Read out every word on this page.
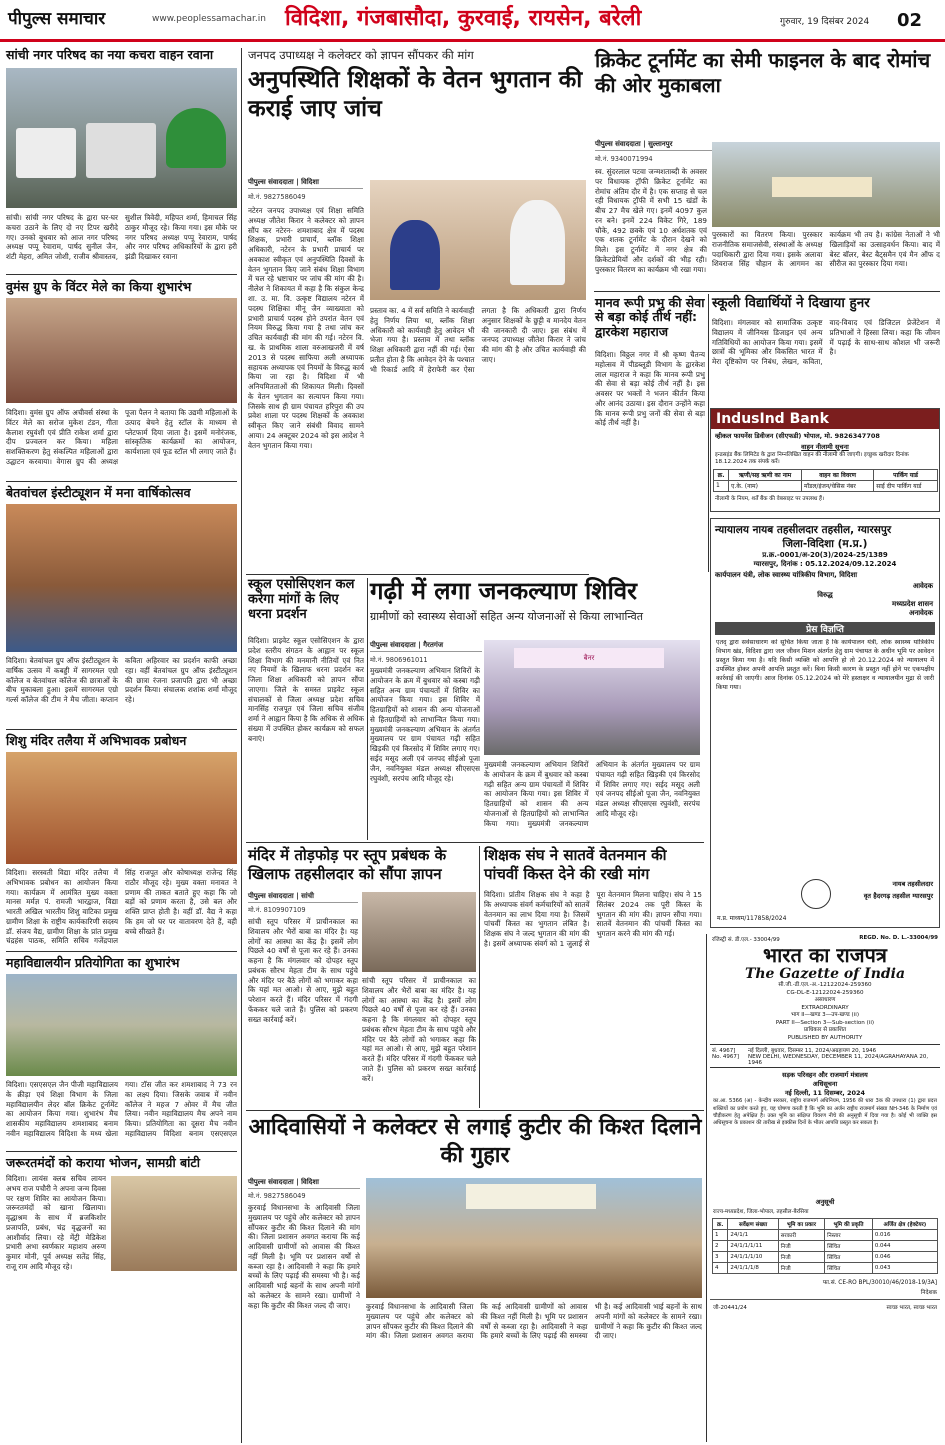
पीपुल्स समाचार	www.peoplessamachar.in विदिशा, गंजबासौदा, कुरवाई, रायसेन, बरेली	गुरुवार, 19 दिसंबर 2024 02
सांची नगर परिषद का नया कचरा वाहन रवाना
सांची। सांची नगर परिषद के द्वारा घर-घर कचरा उठाने के लिए दो नए टिपर खरीदे गए। उनको बुधवार को आज नगर परिषद अध्यक्ष पप्पू रेवाराम, पार्षद सुनील जैन, शंटी मेहरा, अमित जोशी, राजीव श्रीवास्तव, सुशील त्रिवेदी, महिपत शर्मा, हिमाचल सिंह ठाकुर मौजूद रहे। किया गया। इस मौके पर नगर परिषद अध्यक्ष पप्पू रेवाराम, पार्षद और नगर परिषद अधिकारियों के द्वारा हरी झंडी दिखाकर रवाना
वुमंस ग्रुप के विंटर मेले का किया शुभारंभ
विदिशा। वुमंस ग्रुप ऑफ अचीवर्स संस्था के विंटर मेले का सरोज मुकेश टंडन, गीता कैलाश रघुवंशी एवं प्रीति राकेश शर्मा द्वारा दीप प्रज्वलन कर किया। महिला सशक्तिकरण हेतु संकल्पित महिलाओं द्वारा उद्घाटन करवाया। वेगास ग्रुप की अध्यक्ष पूजा पैलन ने बताया कि उद्यमी महिलाओं के उत्पाद बेचने हेतु स्टॉल के माध्यम से प्लेटफार्म दिया जाता है। इसमें मनोरंजक, सांस्कृतिक कार्यक्रमों का आयोजन, कार्यशाला एवं फूड स्टॉल भी लगाए जाते हैं।
बेतवांचल इंस्टीट्यूशन में मना वार्षिकोत्सव
विदिशा। बेतवांचल ग्रुप ऑफ इंस्टीट्यूशन के वार्षिक उत्सव में कबड्डी में सागरमल एग्रो कॉलेज व बेतवांचल कॉलेज की छात्राओं के बीच मुकाबला हुआ। इसमें सागरमल एग्रो गर्ल्स कॉलेज की टीम ने मैच जीता। कप्तान कविता अहिरवार का प्रदर्शन काफी अच्छा रहा। वहीं बेतवांचल ग्रुप ऑफ इंस्टीट्यूशन की छात्रा रंजना प्रजापति द्वारा भी अच्छा प्रदर्शन किया। संचालक शशांक शर्मा मौजूद रहे।
शिशु मंदिर तलैया में अभिभावक प्रबोधन
विदिशा। सरस्वती विद्या मंदिर तलैया में अभिभावक प्रबोधन का आयोजन किया गया। कार्यक्रम में आमंत्रित मुख्य वक्ता मानस मर्मज्ञ पं. रामजी भारद्वाज, विद्या भारती अखिल भारतीय शिशु वाटिका प्रमुख ग्रामीण शिक्षा के राष्ट्रीय कार्यकारिणी सदस्य डॉ. संजय वैद्य, ग्रामीण शिक्षा के प्रांत प्रमुख चंद्रहंस पाठक, समिति सचिव गजेंद्रपाल सिंह राजपूत और कोषाध्यक्ष राजेन्द्र सिंह राठौर मौजूद रहे। मुख्य वक्ता मनावत ने प्रणाम की ताकत बताते हुए कहा कि जो बड़ों को प्रणाम करता है, उसे बल और शक्ति प्राप्त होती है। वहीं डॉ. वैद्य ने कहा कि हम जो घर पर वातावरण देते हैं, वही बच्चे सीखते हैं।
महाविद्यालयीन प्रतियोगिता का शुभारंभ
विदिशा। एसएसएल जैन पीजी महाविद्यालय के क्रीड़ा एवं शिक्षा विभाग के जिला महाविद्यालयीन लेदर बॉल क्रिकेट टूर्नामेंट का आयोजन किया गया। शुभारंभ मैच शासकीय महाविद्यालय शमशाबाद बनाम नवीन महाविद्यालय विदिशा के मध्य खेला गया। टॉस जीत कर शमशाबाद ने 73 रन का लक्ष्य दिया। जिसके जवाब में नवीन कॉलेज ने महज 7 ओवर में मैच जीत लिया। नवीन महाविद्यालय मैच अपने नाम किया। प्रतियोगिता का दूसरा मैच नवीन महाविद्यालय विदिशा बनाम एसएसएल
जरूरतमंदों को कराया भोजन, सामग्री बांटी
विदिशा। लायंस क्लब सचिव लायन अभय राज पचौरी ने अपना जन्म दिवस पर रक्षण शिविर का आयोजन किया। जरूरतमंदों को खाना खिलाया। वृद्धाश्रम के साथ में ब्रजकिशोर प्रजापति, प्रबंध, चंद्र वृद्धजनों का आशीर्वाद लिया। रहे मेंट्री मेडिकेश प्रभारी अभा स्वर्णकार महाशय अरुण कुमार मोनी, पूर्व अध्यक्ष सतेंद्र सिंह, राजू राम आदि मौजूद रहे।
जनपद उपाध्यक्ष ने कलेक्टर को ज्ञापन सौंपकर की मांग
अनुपस्थिति शिक्षकों के वेतन भुगतान की कराई जाए जांच
पीपुल्स संवाददाता | विदिशा
मो.नं. 9827586049
नटेरन जनपद उपाध्यक्ष एवं शिक्षा समिति अध्यक्ष जीतेश किरार ने कलेक्टर को ज्ञापन सौंप कर नटेरन- शमशाबाद क्षेत्र में पदस्थ शिक्षक, प्रभारी प्राचार्य, ब्लॉक शिक्षा अधिकारी, नटेरन के प्रभारी प्राचार्य पर अवकाश स्वीकृत एवं अनुपस्थिति दिवसों के वेतन भुगतान किए जाने संबंध शिक्षा विभाग में चल रहे भ्रष्टाचार पर जांच की मांग की है। नीलेश ने शिकायत में कहा है कि संकुल केन्द्र शा. उ. मा. वि. उत्कृष्ट विद्यालय नटेरन में पदस्थ शिक्षिका मीनू जैन व्याख्याता को प्रभारी प्राचार्य पदस्थ होने उपरांत वेतन एवं नियम विरुद्ध किया गया है तथा जांच कर उचित कार्यवाही की मांग की गई। नटेरन वि. ख. के प्राथमिक शाला वरुआखजरी में वर्ष 2013 से पदस्थ साफिया अली अध्यापक सहायक अध्यापक एवं नियमों के विरुद्ध कार्य किया जा रहा है। विदिशा में भी अनियमितताओं की शिकायत मिली। दिवसों के वेतन भुगतान का सत्यापन किया गया। जिसके साथ ही ग्राम पंचायत हरिपुरा की उप प्रवेश शाला पर पदस्थ शिक्षकों के अवकाश स्वीकृत किए जाने संबंधी विवाद सामने आया। 24 अक्टूबर 2024 को इस आदेश ने वेतन भुगतान किया गया।
प्रस्ताव का. 4 में सर्व समिति ने कार्यवाही हेतु निर्णय लिया था, ब्लॉक शिक्षा अधिकारी को कार्यवाही हेतु आवेदन भी भेजा गया है। प्रस्ताव में तथा ब्लॉक शिक्षा अधिकारी द्वारा नहीं की गई। ऐसा प्रतीत होता है कि आवेदन देने के पश्चात भी रिकार्ड आदि में हेराफेरी कर ऐसा लगता है कि अधिकारी द्वारा निर्णय अनुसार शिक्षकों के छुट्टी व मानदेय वेतन की जानकारी दी जाए। इस संबंध में जनपद उपाध्यक्ष जीतेश किरार ने जांच की मांग की है और उचित कार्यवाही की जाए।
क्रिकेट टूर्नामेंट का सेमी फाइनल के बाद रोमांच की ओर मुकाबला
पीपुल्स संवाददाता | सुल्तानपुर
मो.नं. 9340071994
स्व. सुंदरलाल पटवा जन्मशताब्दी के अवसर पर विधायक ट्रॉफी क्रिकेट टूर्नामेंट का रोमांच अंतिम दौर में है। एक सप्ताह से चल रही विधायक ट्रॉफी में सभी 15 खंडों के बीच 27 मैच खेले गए। इनमें 4097 कुल रन बने। इनमें 224 विकेट गिरे, 189 चौके, 492 छक्के एवं 10 अर्धशतक एवं एक शतक टूर्नामेंट के दौरान देखने को मिले। इस टूर्नामेंट में नगर क्षेत्र की क्रिकेटप्रेमियों और दर्शकों की भीड़ रही। पुरस्कार वितरण का कार्यक्रम भी रखा गया।
पुरस्कारों का वितरण किया। पुरस्कार राजनीतिक समाजसेवी, संस्थाओं के अध्यक्ष पदाधिकारी द्वारा दिया गया। इसके अलावा शिवराज सिंह चौहान के आगमन का कार्यक्रम भी तय है। कांग्रेस नेताओं ने भी खिलाड़ियों का उत्साहवर्धन किया। बाद में बेस्ट बॉलर, बेस्ट बैट्समैन एवं मैन ऑफ द सीरीज का पुरस्कार दिया गया।
मानव रूपी प्रभु की सेवा से बड़ा कोई तीर्थ नहीं: द्वारकेश महाराज
विदिशा। विठ्ठल नगर में श्री कृष्ण चैतन्य महोत्सव में पीडब्लूडी विभाग के द्वारकेश लाल महाराज ने कहा कि मानव रूपी प्रभु की सेवा से बड़ा कोई तीर्थ नहीं है। इस अवसर पर भक्तों ने भजन कीर्तन किया और आनंद उठाया। इस दौरान उन्होंने कहा कि मानव रूपी प्रभु जनों की सेवा से बड़ा कोई तीर्थ नहीं है।
स्कूली विद्यार्थियों ने दिखाया हुनर
विदिशा। मंगलवार को सामाजिक उत्कृष्ट विद्यालय में जीनियस डिजाइन एवं अन्य गतिविधियों का आयोजन किया गया। इसमें छात्रों की भूमिका और विकसित भारत में मेरा दृष्टिकोण पर निबंध, लेखन, कविता, वाद-विवाद एवं डिजिटल प्रेजेंटेशन में प्रतिभाओं ने हिस्सा लिया। कहा कि जीवन में पढ़ाई के साथ-साथ कौशल भी जरूरी है।
IndusInd Bank
व्हीकल फायनेंस डिवीजन (सीएफडी) भोपाल, मो. 9826347708
वाहन नीलामी सूचना
इन्डसइंड बैंक लिमिटेड के द्वारा निम्नलिखित वाहन की नीलामी की जाएगी। इच्छुक खरीदार दिनांक 18.12.2024 तक संपर्क करें।
क्र.	ऋणी/सह ऋणी का नाम	वाहन का विवरण	पार्किंग यार्ड
1	ए.के. (नाम)	मॉडल/इंजन/चेसिस नंबर	साईं दीप पार्किंग यार्ड
नीलामी के नियम, शर्तें बैंक की वेबसाइट पर उपलब्ध हैं।
न्यायालय नायब तहसीलदार तहसील, ग्यारसपुर
जिला-विदिशा (म.प्र.)
प्र.क्र.-0001/अ-20(3)/2024-25/1389
ग्यारसपुर, दिनांक : 05.12.2024/09.12.2024
कार्यपालन यंत्री, लोक स्वास्थ्य यांत्रिकीय विभाग, विदिशा
आवेदक
विरुद्ध
मध्यप्रदेश शासन
अनावेदक
प्रेस विज्ञप्ति
एतद् द्वारा सर्वसाधारण को सूचित किया जाता है कि कार्यपालन यंत्री, लोक स्वास्थ्य यांत्रिकीय विभाग खंड, विदिशा द्वारा जल जीवन मिशन अंतर्गत हेतु ग्राम पंचायत के अधीन भूमि पर आवेदन प्रस्तुत किया गया है। यदि किसी व्यक्ति को आपत्ति हो तो 20.12.2024 को न्यायालय में उपस्थित होकर अपनी आपत्ति प्रस्तुत करें। बिना किसी कारण के प्रस्तुत नहीं होने पर एकपक्षीय कार्रवाई की जाएगी। आज दिनांक 05.12.2024 को मेरे हस्ताक्षर व न्यायालयीन मुद्रा से जारी किया गया।
नायब तहसीलदार
वृत हैदरगढ़ तहसील ग्यारसपुर
म.प्र. माध्यम/117858/2024
गढ़ी में लगा जनकल्याण शिविर
ग्रामीणों को स्वास्थ्य सेवाओं सहित अन्य योजनाओं से किया लाभान्वित
पीपुल्स संवाददाता | गैरतगंज
मो.नं. 9806961011	बैनर
मुख्यमंत्री जनकल्याण अभियान शिविरों के आयोजन के क्रम में बुधवार को कस्बा गढ़ी सहित अन्य ग्राम पंचायतों में शिविर का आयोजन किया गया। इस शिविर में हितग्राहियों को शासन की अन्य योजनाओं से हितग्राहियों को लाभान्वित किया गया। मुख्यमंत्री जनकल्याण अभियान के अंतर्गत मुख्यालय पर ग्राम पंचायत गढ़ी सहित खिड़की एवं किरसोद में शिविर लगाए गए। सईद मसूद अली एवं जनपद सीईओ पूजा जैन, नवनियुक्त मंडल अध्यक्ष सीएसएस रघुवंशी, सरपंच आदि मौजूद रहे।
मुख्यमंत्री जनकल्याण अभियान शिविरों के आयोजन के क्रम में बुधवार को कस्बा गढ़ी सहित अन्य ग्राम पंचायतों में शिविर का आयोजन किया गया। इस शिविर में हितग्राहियों को शासन की अन्य योजनाओं से हितग्राहियों को लाभान्वित किया गया। मुख्यमंत्री जनकल्याण अभियान के अंतर्गत मुख्यालय पर ग्राम पंचायत गढ़ी सहित खिड़की एवं किरसोद में शिविर लगाए गए। सईद मसूद अली एवं जनपद सीईओ पूजा जैन, नवनियुक्त मंडल अध्यक्ष सीएसएस रघुवंशी, सरपंच आदि मौजूद रहे।
स्कूल एसोसिएशन कल करेगा मांगों के लिए धरना प्रदर्शन
विदिशा। प्राइवेट स्कूल एसोसिएशन के द्वारा प्रदेश स्तरीय संगठन के आह्वान पर स्कूल शिक्षा विभाग की मनमानी नीतियों एवं नित नए नियमों के खिलाफ धरना प्रदर्शन कर जिला शिक्षा अधिकारी को ज्ञापन सौंपा जाएगा। जिले के समस्त प्राइवेट स्कूल संचालकों से जिला अध्यक्ष प्रदेश सचिव मानसिंह राजपूत एवं जिला सचिव संजीव शर्मा ने आह्वान किया है कि अधिक से अधिक संख्या में उपस्थित होकर कार्यक्रम को सफल बनाएं।
मंदिर में तोड़फोड़ पर स्तूप प्रबंधक के खिलाफ तहसीलदार को सौंपा ज्ञापन
पीपुल्स संवाददाता | सांची
मो.नं. 8109907109
सांची स्तूप परिसर में प्राचीनकाल का शिवालय और भैरों बाबा का मंदिर है। यह लोगों का आस्था का केंद्र है। इसमें लोग पिछले 40 वर्षों से पूजा कर रहे हैं। उनका कहना है कि मंगलवार को दोपहर स्तूप प्रबंधक सौरभ मेहता टीम के साथ पहुंचे और मंदिर पर बैठे लोगों को भगाकर कहा कि यहां मत आओ। से आए, मुझे बहुत परेशान करते हैं। मंदिर परिसर में गंदगी फेंककर चले जाते हैं। पुलिस को प्रकरण सख्त कार्रवाई करें।
सांची स्तूप परिसर में प्राचीनकाल का शिवालय और भैरों बाबा का मंदिर है। यह लोगों का आस्था का केंद्र है। इसमें लोग पिछले 40 वर्षों से पूजा कर रहे हैं। उनका कहना है कि मंगलवार को दोपहर स्तूप प्रबंधक सौरभ मेहता टीम के साथ पहुंचे और मंदिर पर बैठे लोगों को भगाकर कहा कि यहां मत आओ। से आए, मुझे बहुत परेशान करते हैं। मंदिर परिसर में गंदगी फेंककर चले जाते हैं। पुलिस को प्रकरण सख्त कार्रवाई करें।
शिक्षक संघ ने सातवें वेतनमान की पांचवीं किस्त देने की रखी मांग
विदिशा। प्रांतीय शिक्षक संघ ने कहा है कि अध्यापक संवर्ग कर्मचारियों को सातवें वेतनमान का लाभ दिया गया है। जिसमें पांचवीं किस्त का भुगतान लंबित है। शिक्षक संघ ने जल्द भुगतान की मांग की है। इसमें अध्यापक संवर्ग को 1 जुलाई से पूरा वेतनमान मिलना चाहिए। संघ ने 15 सितंबर 2024 तक पूरी किस्त के भुगतान की मांग की। ज्ञापन सौंपा गया। सातवें वेतनमान की पांचवीं किस्त का भुगतान करने की मांग की गई।
आदिवासियों ने कलेक्टर से लगाई कुटीर की किश्त दिलाने की गुहार
पीपुल्स संवाददाता | विदिशा
मो.नं. 9827586049
कुरवाई विधानसभा के आदिवासी जिला मुख्यालय पर पहुंचे और कलेक्टर को ज्ञापन सौंपकर कुटीर की किश्त दिलाने की मांग की। जिला प्रशासन अवगत कराया कि कई आदिवासी ग्रामीणों को आवास की किश्त नहीं मिली है। भूमि पर प्रशासन वर्षों से कब्जा रहा है। आदिवासी ने कहा कि हमारे बच्चों के लिए पढ़ाई की समस्या भी है। कई आदिवासी भाई बहनों के साथ अपनी मांगों को कलेक्टर के सामने रखा। ग्रामीणों ने कहा कि कुटीर की किश्त जल्द दी जाए।	कुरवाई विधानसभा के आदिवासी जिला मुख्यालय पर पहुंचे और कलेक्टर को ज्ञापन सौंपकर कुटीर की किश्त दिलाने की मांग की। जिला प्रशासन अवगत कराया कि कई आदिवासी ग्रामीणों को आवास की किश्त नहीं मिली है। भूमि पर प्रशासन वर्षों से कब्जा रहा है। आदिवासी ने कहा कि हमारे बच्चों के लिए पढ़ाई की समस्या भी है। कई आदिवासी भाई बहनों के साथ अपनी मांगों को कलेक्टर के सामने रखा। ग्रामीणों ने कहा कि कुटीर की किश्त जल्द दी जाए।
रजिस्ट्री सं. डी.एल.- 33004/99	REGD. No. D. L.-33004/99
भारत का राजपत्र
The Gazette of India
सी.जी.-डी.एल.-अ.-12122024-259360
CG-DL-E-12122024-259360
असाधारण
EXTRAORDINARY
भाग II—खण्ड 3—उप-खण्ड (ii)
PART II—Section 3—Sub-section (ii)
प्राधिकार से प्रकाशित
PUBLISHED BY AUTHORITY
सं. 4967]	नई दिल्ली, बुधवार, दिसम्बर 11, 2024/अग्रहायण 20, 1946
No. 4967]	NEW DELHI, WEDNESDAY, DECEMBER 11, 2024/AGRAHAYANA 20, 1946
सड़क परिवहन और राजमार्ग मंत्रालय
अधिसूचना
नई दिल्ली, 11 दिसम्बर, 2024
का.आ. 5366 (अ) - केन्द्रीय सरकार, राष्ट्रीय राजमार्ग अधिनियम, 1956 की धारा 3क की उपधारा (1) द्वारा प्रदत्त शक्तियों का प्रयोग करते हुए, यह घोषणा करती है कि भूमि का अर्जन राष्ट्रीय राजमार्ग संख्या NH-346 के निर्माण एवं चौड़ीकरण हेतु अपेक्षित है। उक्त भूमि का संक्षिप्त विवरण नीचे की अनुसूची में दिया गया है। कोई भी व्यक्ति इस अधिसूचना के प्रकाशन की तारीख से इक्कीस दिनों के भीतर आपत्ति प्रस्तुत कर सकता है।
अनुसूची
राज्य-मध्यप्रदेश, जिला-भोपाल, तहसील-बैरसिया
क्र.	सर्वेक्षण संख्या	भूमि का प्रकार	भूमि की प्रकृति	अर्जित क्षेत्र (हेक्टेयर)
1	24/1/1	सरकारी	निस्तार	0.016
2	24/1/1/1/11	निजी	सिंचित	0.044
3	24/1/1/1/10	निजी	सिंचित	0.046
4	24/1/1/1/8	निजी	सिंचित	0.043
फा.सं. CE-RO BPL/30010/46/2018-19/3A]
निदेशक
जी-20441/24	स्वच्छ भारत, स्वच्छ भारत
